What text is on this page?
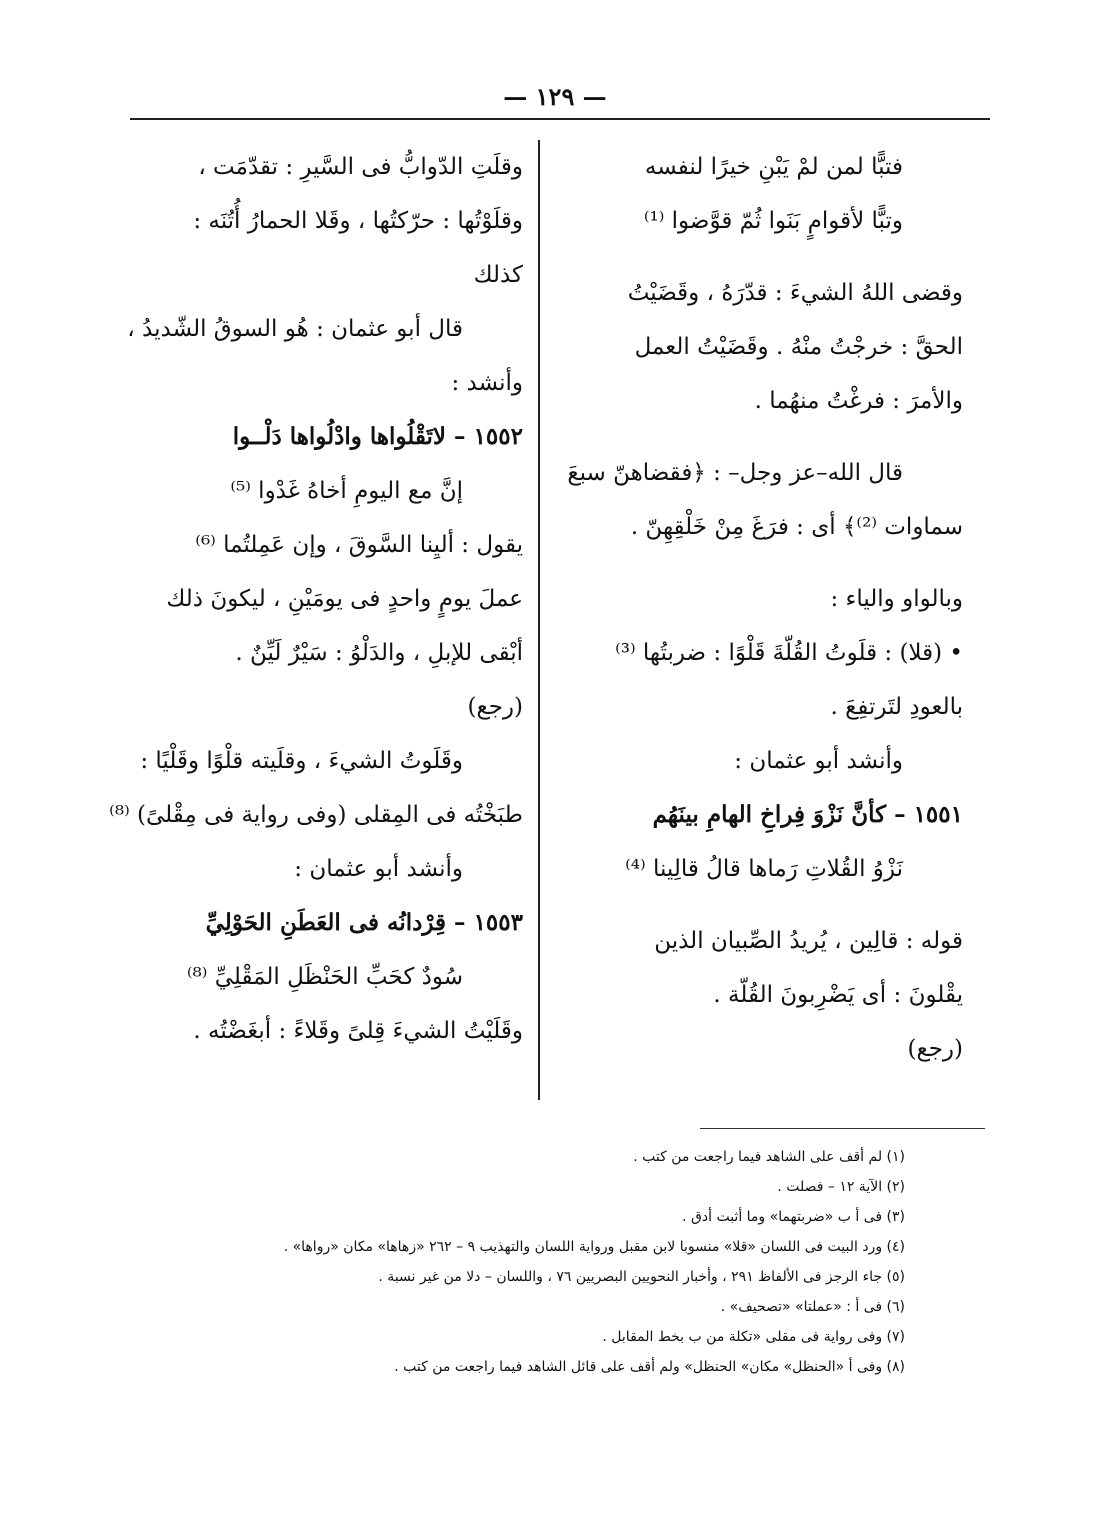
— ١٢٩ —
فتبًّا لمن لمْ يَبْنِ خيرًا لنفسه
وتبًّا لأقوامٍ بَنَوا ثُمّ قوَّضوا ⁽¹⁾
وقضى اللهُ الشيءَ : قدّرَهُ ، وقَضَيْتُ
الحقَّ : خرجْتُ منْهُ . وقَضَيْتُ العمل
والأمرَ : فرغْتُ منهُما .
قال الله–عز وجل– : ﴿فقضاهنّ سبعَ
سماوات ⁽²⁾﴾ أى : فرَغَ مِنْ خَلْقِهِنّ .
وبالواو والياء :
• (قلا) : قلَوتُ القُلّةَ قَلْوًا : ضربتُها ⁽³⁾
بالعودِ لتَرتفِعَ .
وأنشد أبو عثمان :
١٥٥١ – كأنَّ نَزْوَ فِراخِ الهامِ بينَهُم
نَزْوُ القُلاتِ رَماها قالُ قالِينا ⁽⁴⁾
قوله : قالِين ، يُريدُ الصِّبيان الذين
يقْلونَ : أى يَضْرِبونَ القُلّة .
(رجع)
وقلَتِ الدّوابُّ فى السَّيرِ : تقدّمَت ،
وقلَوْتُها : حرّكتُها ، وقَلا الحمارُ أُتُنَه :
كذلك
قال أبو عثمان : هُو السوقُ الشّديدُ ،
وأنشد :
١٥٥٢ – لاتَقْلُواها وادْلُواها دَلْــوا
إنَّ مع اليومِ أخاهُ غَدْوا ⁽⁵⁾
يقول : أليِنا السَّوقَ ، وإن عَمِلتُما ⁽⁶⁾
عملَ يومٍ واحدٍ فى يومَيْنِ ، ليكونَ ذلك
أبْقى للإبلِ ، والدَلْوُ : سَيْرٌ لَيِّنٌ .
(رجع)
وقَلَوتُ الشيءَ ، وقلَيته قلْوًا وقَلْيًا :
طبَخْتُه فى المِقلى (وفى رواية فى مِقْلىً) ⁽⁸⁾
وأنشد أبو عثمان :
١٥٥٣ – قِرْدانُه فى العَطَنِ الحَوْلِيِّ
سُودٌ كحَبِّ الحَنْظَلِ المَقْلِيِّ ⁽⁸⁾
وقَلَيْتُ الشيءَ قِلىً وقَلاءً : أبغَضْتُه .
(١) لم أقف على الشاهد فيما راجعت من كتب .
(٢) الآية ١٢ – فصلت .
(٣) فى أ ب «ضربتهما» وما أثبت أدق .
(٤) ورد البيت فى اللسان «قلا» منسوبا لابن مقبل ورواية اللسان والتهذيب ٩ – ٢٦٢ «زهاها» مكان «رواها» .
(٥) جاء الرجز فى الألفاظ ٢٩١ ، وأخبار النحويين البصريين ٧٦ ، واللسان – دلا من غير نسبة .
(٦) فى أ : «عملتا» «تصحيف» .
(٧) وفى رواية فى مقلى «تكلة من ب بخط المقابل .
(٨) وفى أ «الحنظل» مكان» الحنظل» ولم أقف على قائل الشاهد فيما راجعت من كتب .
